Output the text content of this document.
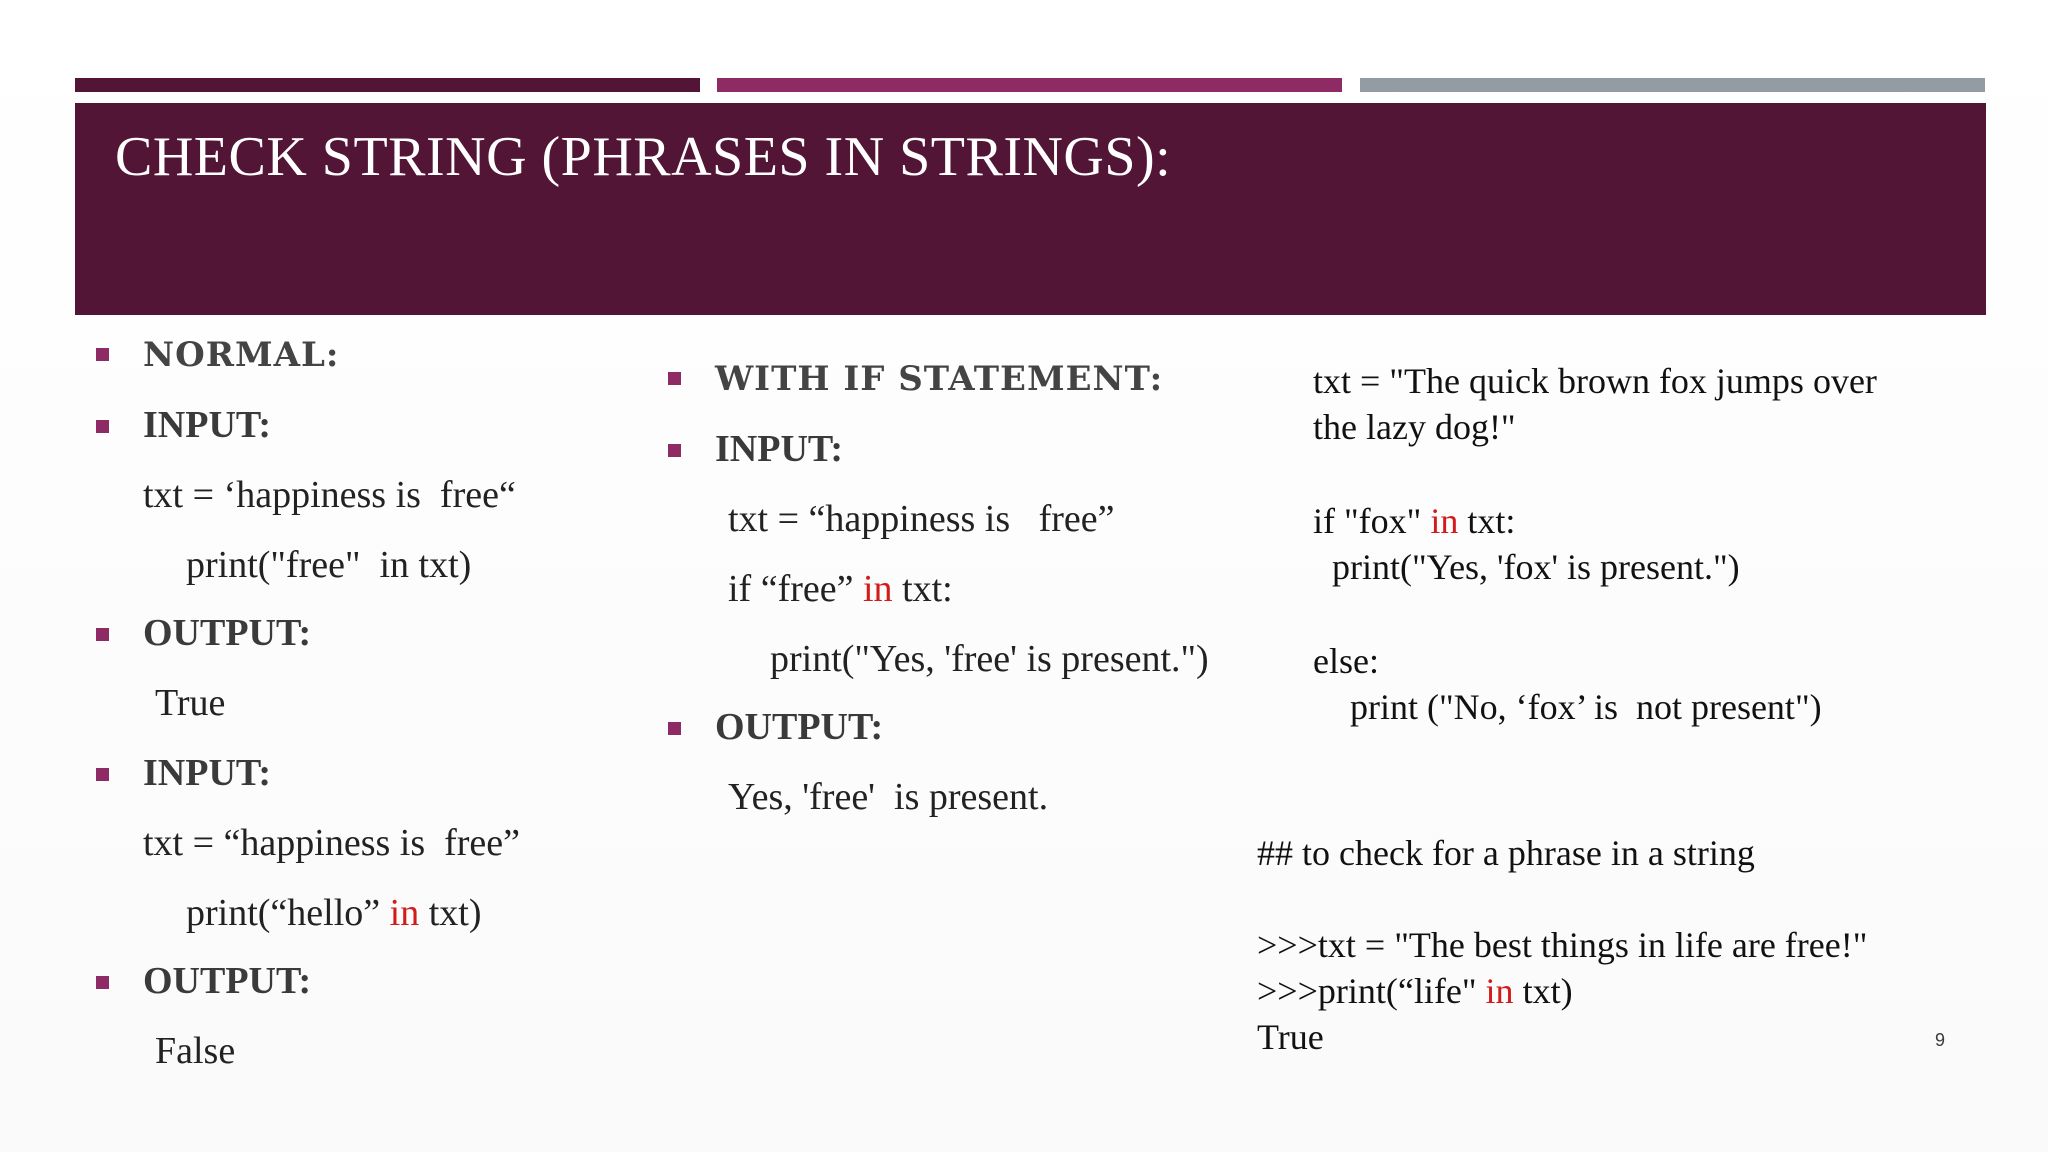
CHECK STRING (PHRASES IN STRINGS):
NORMAL:
INPUT:
txt = ‘happiness is  free“
print("free"  in txt)
OUTPUT:
True
INPUT:
txt = “happiness is  free”
print(“hello” in txt)
OUTPUT:
False
WITH IF STATEMENT:
INPUT:
txt = “happiness is   free”
if “free” in txt:
print("Yes, 'free' is present.")
OUTPUT:
Yes, 'free'  is present.
txt = "The quick brown fox jumps over
the lazy dog!"
if "fox" in txt:
print("Yes, 'fox' is present.")
else:
print ("No, ‘fox’ is  not present")
## to check for a phrase in a string
>>>txt = "The best things in life are free!"
>>>print(“life" in txt)
True	9
